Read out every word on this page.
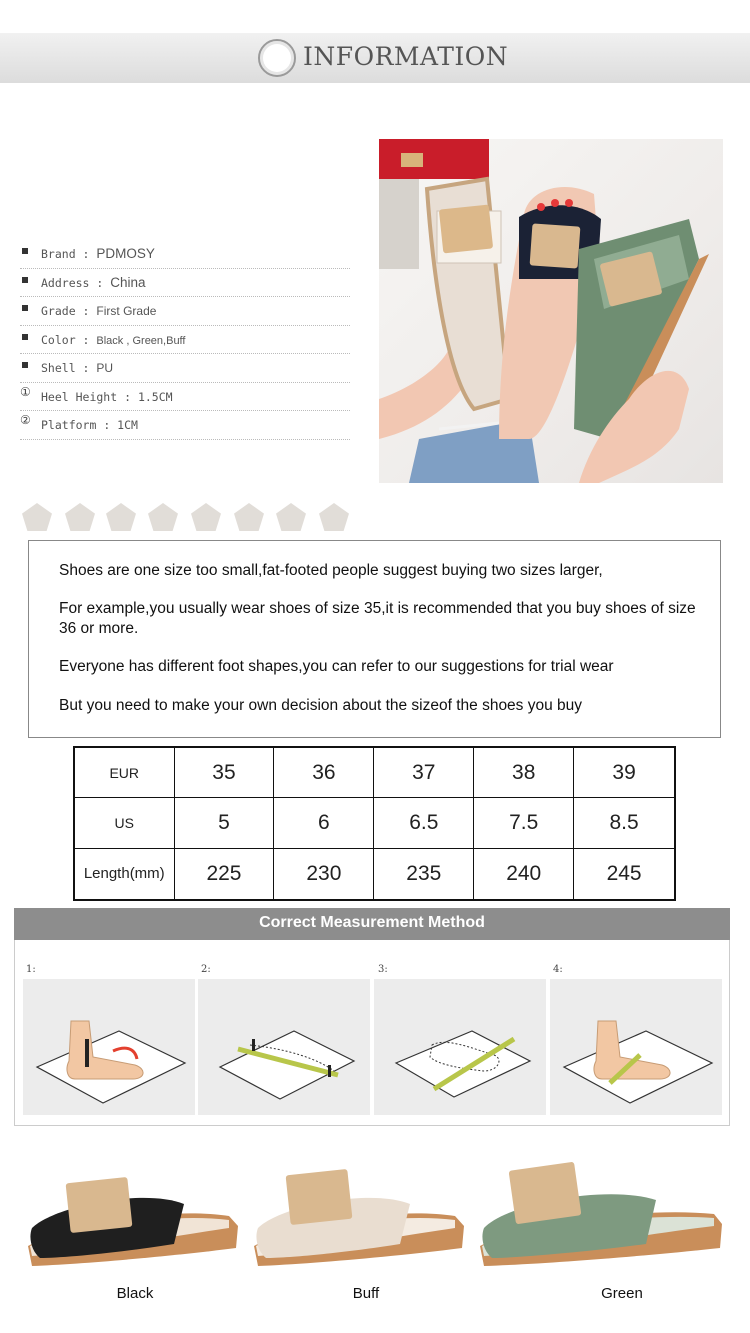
INFORMATION
Brand : PDMOSY
Address : China
Grade : First Grade
Color : Black , Green,Buff
Shell : PU
① Heel Height : 1.5CM
② Platform : 1CM

Shoes are one size too small,fat-footed people suggest buying two sizes larger,

For example,you usually wear shoes of size 35,it is recommended that you buy shoes of size 36 or more.

Everyone has different foot shapes,you can refer to our suggestions for trial wear

But you need to make your own decision about the sizeof the shoes you buy

EUR	35	36	37	38	39
US	5	6	6.5	7.5	8.5
Length(mm)	225	230	235	240	245
Correct Measurement Method
1:	2:	3:	4:
Black	Buff	Green
